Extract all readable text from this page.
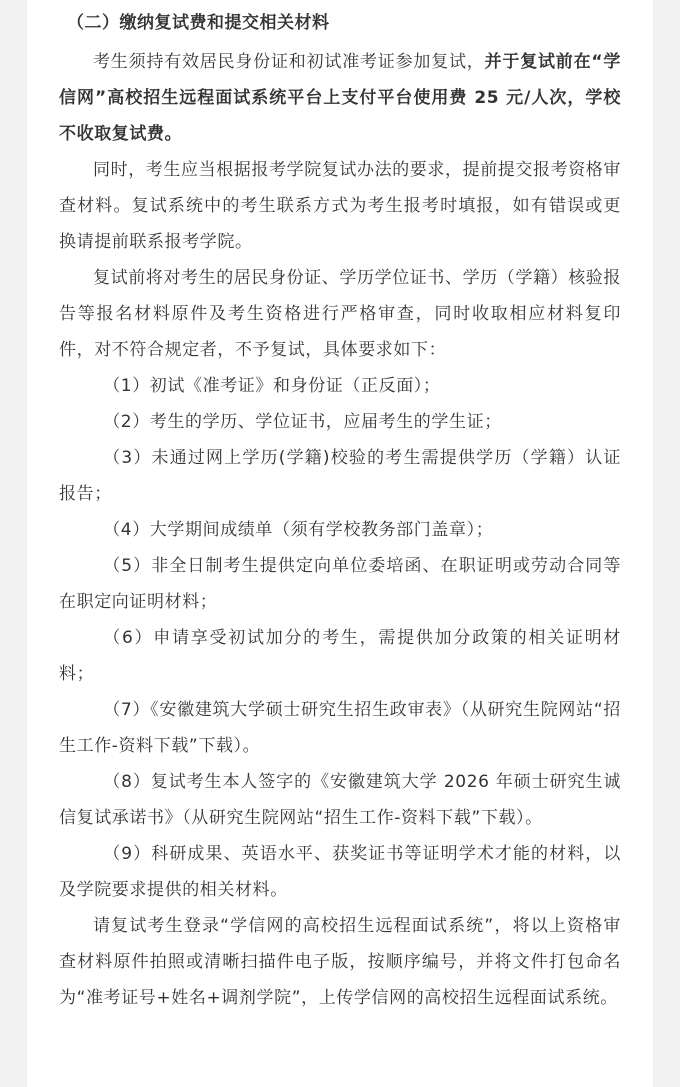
（二）缴纳复试费和提交相关材料

考生须持有效居民身份证和初试准考证参加复试，并于复试前在“学信网”高校招生远程面试系统平台上支付平台使用费 25 元/人次，学校不收取复试费。

同时，考生应当根据报考学院复试办法的要求，提前提交报考资格审查材料。复试系统中的考生联系方式为考生报考时填报，如有错误或更换请提前联系报考学院。

复试前将对考生的居民身份证、学历学位证书、学历（学籍）核验报告等报名材料原件及考生资格进行严格审查，同时收取相应材料复印件，对不符合规定者，不予复试，具体要求如下：

（1）初试《准考证》和身份证（正反面）；

（2）考生的学历、学位证书，应届考生的学生证；

（3）未通过网上学历(学籍)校验的考生需提供学历（学籍）认证报告；

（4）大学期间成绩单（须有学校教务部门盖章）；

（5）非全日制考生提供定向单位委培函、在职证明或劳动合同等在职定向证明材料；

（6）申请享受初试加分的考生，需提供加分政策的相关证明材料；

（7）《安徽建筑大学硕士研究生招生政审表》（从研究生院网站“招生工作-资料下载”下载）。

（8）复试考生本人签字的《安徽建筑大学 2026 年硕士研究生诚信复试承诺书》（从研究生院网站“招生工作-资料下载”下载）。

（9）科研成果、英语水平、获奖证书等证明学术才能的材料，以及学院要求提供的相关材料。

请复试考生登录“学信网的高校招生远程面试系统”，将以上资格审查材料原件拍照或清晰扫描件电子版，按顺序编号，并将文件打包命名为“准考证号+姓名+调剂学院”，上传学信网的高校招生远程面试系统。
